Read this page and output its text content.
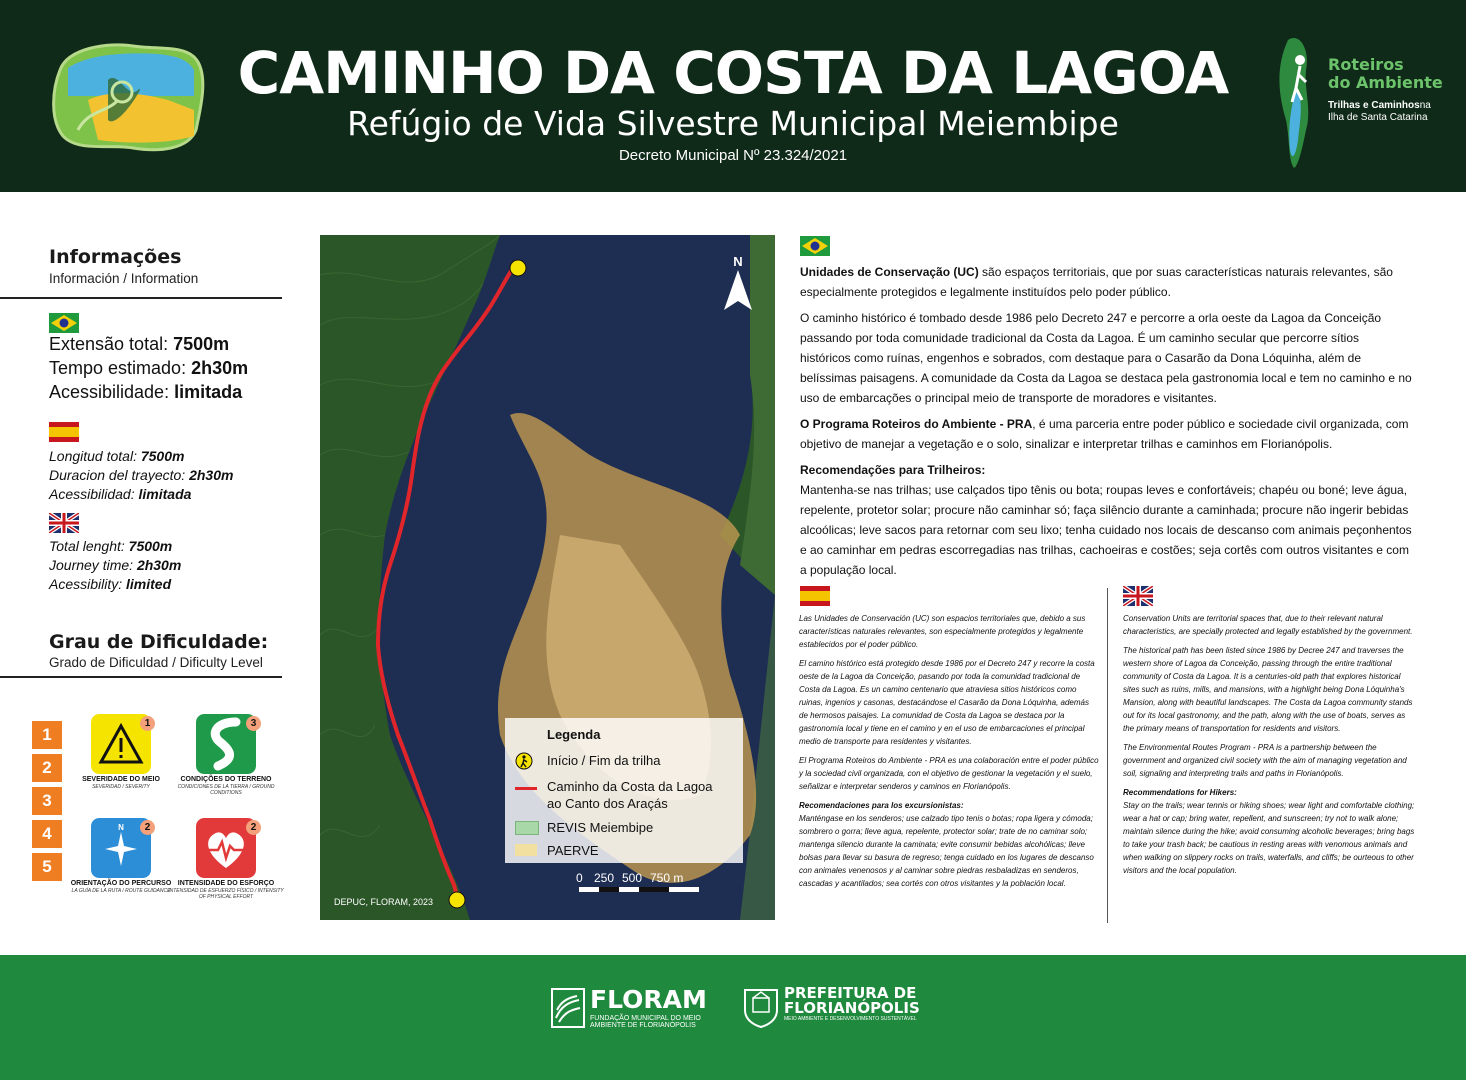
CAMINHO DA COSTA DA LAGOA
Refúgio de Vida Silvestre Municipal Meiembipe
Decreto Municipal Nº 23.324/2021
Roteiros
do Ambiente
Trilhas e Caminhosna
Ilha de Santa Catarina
Informações
Información / Information
Extensão total: 7500m
Tempo estimado: 2h30m
Acessibilidade: limitada
Longitud total: 7500m
Duracion del trayecto: 2h30m
Acessibilidad: limitada
Total lenght: 7500m
Journey time: 2h30m
Acessibility: limited
Grau de Dificuldade:
Grado de Dificuldad / Dificulty Level
1
2
3
4
5
1
SEVERIDADE DO MEIO
SEVERIDAD / SEVERITY
3
CONDIÇÕES DO TERRENO
CONDICIONES DE LA TIERRA / GROUND CONDITIONS
N	2
ORIENTAÇÃO DO PERCURSO
LA GUÍA DE LA RUTA / ROUTE GUIDANCE
2
INTENSIDADE DO ESFORÇO
INTENSIDAD DE ESFUERZO FÍSICO / INTENSITY OF PHYSICAL EFFORT
N
DEPUC, FLORAM, 2023
0 250 500 750 m
Legenda
Início / Fim da trilha
Caminho da Costa da Lagoa
ao Canto dos Araçás
REVIS Meiembipe
PAERVE
Unidades de Conservação (UC) são espaços territoriais, que por suas características naturais relevantes, são especialmente protegidos e legalmente instituídos pelo poder público.
O caminho histórico é tombado desde 1986 pelo Decreto 247 e percorre a orla oeste da Lagoa da Conceição passando por toda comunidade tradicional da Costa da Lagoa. É um caminho secular que percorre sítios históricos como ruínas, engenhos e sobrados, com destaque para o Casarão da Dona Lóquinha, além de belíssimas paisagens. A comunidade da Costa da Lagoa se destaca pela gastronomia local e tem no caminho e no uso de embarcações o principal meio de transporte de moradores e visitantes.
O Programa Roteiros do Ambiente - PRA, é uma parceria entre poder público e sociedade civil organizada, com objetivo de manejar a vegetação e o solo, sinalizar e interpretar trilhas e caminhos em Florianópolis.
Recomendações para Trilheiros:
Mantenha-se nas trilhas; use calçados tipo tênis ou bota; roupas leves e confortáveis; chapéu ou boné; leve água, repelente, protetor solar; procure não caminhar só; faça silêncio durante a caminhada; procure não ingerir bebidas alcoólicas; leve sacos para retornar com seu lixo; tenha cuidado nos locais de descanso com animais peçonhentos e ao caminhar em pedras escorregadias nas trilhas, cachoeiras e costões; seja cortês com outros visitantes e com a população local.

Las Unidades de Conservación (UC) son espacios territoriales que, debido a sus características naturales relevantes, son especialmente protegidos y legalmente establecidos por el poder público.

El camino histórico está protegido desde 1986 por el Decreto 247 y recorre la costa oeste de la Lagoa da Conceição, pasando por toda la comunidad tradicional de Costa da Lagoa. Es un camino centenario que atraviesa sitios históricos como ruinas, ingenios y casonas, destacándose el Casarão da Dona Lóquinha, además de hermosos paisajes. La comunidad de Costa da Lagoa se destaca por la gastronomía local y tiene en el camino y en el uso de embarcaciones el principal medio de transporte para residentes y visitantes.

El Programa Roteiros do Ambiente - PRA es una colaboración entre el poder público y la sociedad civil organizada, con el objetivo de gestionar la vegetación y el suelo, señalizar e interpretar senderos y caminos en Florianópolis.

Recomendaciones para los excursionistas:

Manténgase en los senderos; use calzado tipo tenis o botas; ropa ligera y cómoda; sombrero o gorra; lleve agua, repelente, protector solar; trate de no caminar solo; mantenga silencio durante la caminata; evite consumir bebidas alcohólicas; lleve bolsas para llevar su basura de regreso; tenga cuidado en los lugares de descanso con animales venenosos y al caminar sobre piedras resbaladizas en senderos, cascadas y acantilados; sea cortés con otros visitantes y la población local.

Conservation Units are territorial spaces that, due to their relevant natural characteristics, are specially protected and legally established by the government.

The historical path has been listed since 1986 by Decree 247 and traverses the western shore of Lagoa da Conceição, passing through the entire traditional community of Costa da Lagoa. It is a centuries-old path that explores historical sites such as ruins, mills, and mansions, with a highlight being Dona Lóquinha's Mansion, along with beautiful landscapes. The Costa da Lagoa community stands out for its local gastronomy, and the path, along with the use of boats, serves as the primary means of transportation for residents and visitors.

The Environmental Routes Program - PRA is a partnership between the government and organized civil society with the aim of managing vegetation and soil, signaling and interpreting trails and paths in Florianópolis.

Recommendations for Hikers:

Stay on the trails; wear tennis or hiking shoes; wear light and comfortable clothing; wear a hat or cap; bring water, repellent, and sunscreen; try not to walk alone; maintain silence during the hike; avoid consuming alcoholic beverages; bring bags to take your trash back; be cautious in resting areas with venomous animals and when walking on slippery rocks on trails, waterfalls, and cliffs; be ourteous to other visitors and the local population.

FLORAM
FUNDAÇÃO MUNICIPAL DO MEIO
AMBIENTE DE FLORIANÓPOLIS
PREFEITURA DE
FLORIANÓPOLIS
MEIO AMBIENTE E DESENVOLVIMENTO SUSTENTÁVEL
